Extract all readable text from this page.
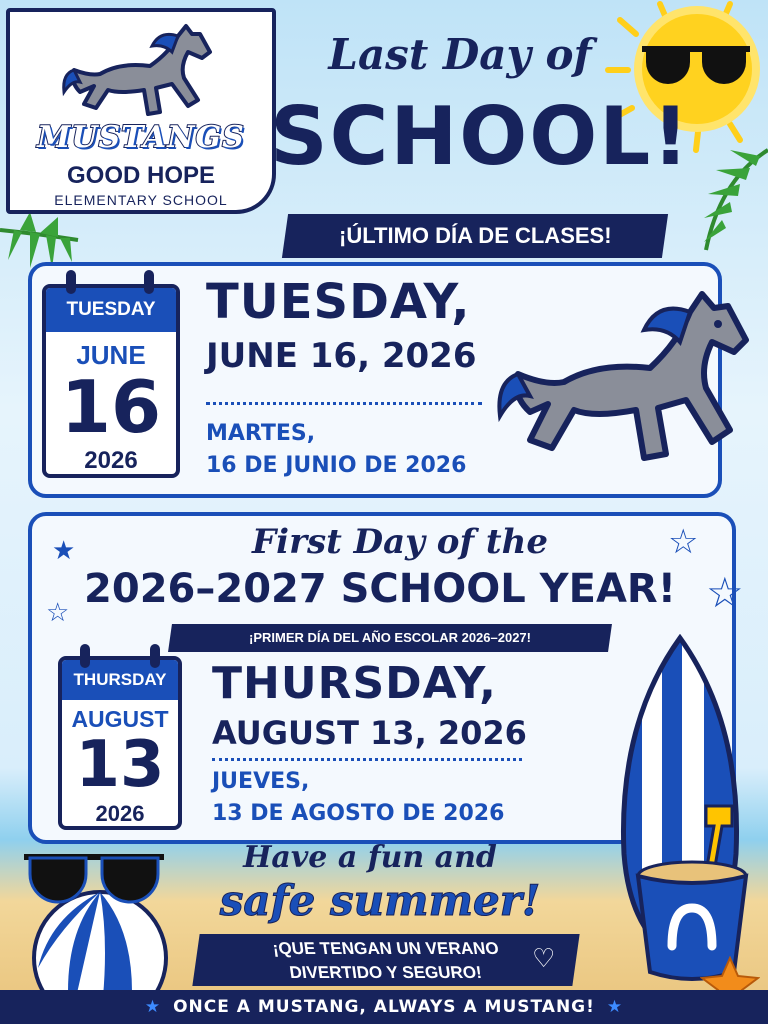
MUSTANGS
GOOD HOPE
ELEMENTARY SCHOOL
Last Day of
SCHOOL!
¡ÚLTIMO DÍA DE CLASES!
TUESDAY
JUNE
16
2026
TUESDAY,
JUNE 16, 2026
MARTES,
16 DE JUNIO DE 2026
First Day of the
2026–2027 SCHOOL YEAR!
¡PRIMER DÍA DEL AÑO ESCOLAR 2026–2027!
THURSDAY
AUGUST
13
2026
THURSDAY,
AUGUST 13, 2026
JUEVES,
13 DE AGOSTO DE 2026
★
☆
☆
☆
Have a fun and
safe summer!
¡QUE TENGAN UN VERANO
DIVERTIDO Y SEGURO!	♡
★ ONCE A MUSTANG, ALWAYS A MUSTANG! ★
